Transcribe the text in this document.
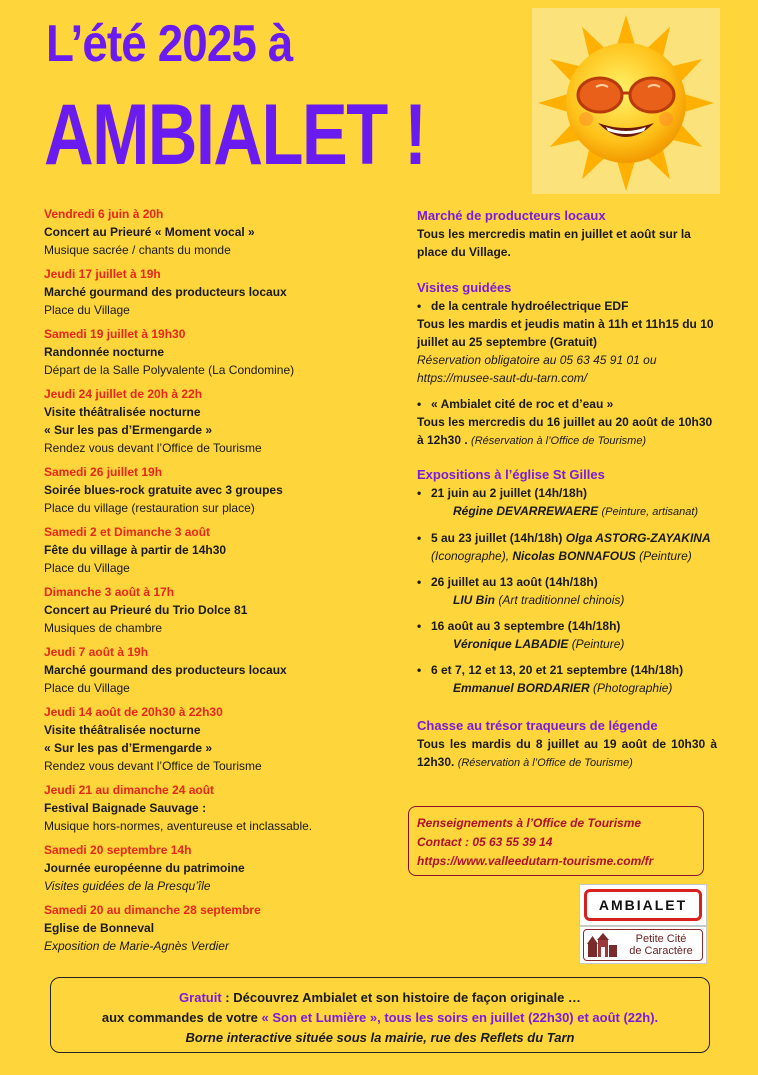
L’été 2025 à
AMBIALET !
Vendredi 6 juin à 20h
Concert au Prieuré « Moment vocal »
Musique sacrée / chants du monde
Jeudi 17 juillet à 19h
Marché gourmand des producteurs locaux
Place du Village
Samedi 19 juillet à 19h30
Randonnée nocturne
Départ de la Salle Polyvalente (La Condomine)
Jeudi 24 juillet de 20h à 22h
Visite théâtralisée nocturne
« Sur les pas d’Ermengarde »
Rendez vous devant l’Office de Tourisme
Samedi 26 juillet 19h
Soirée blues-rock gratuite avec 3 groupes
Place du village (restauration sur place)
Samedi 2 et Dimanche 3 août
Fête du village à partir de 14h30
Place du Village
Dimanche 3 août à 17h
Concert au Prieuré du Trio Dolce 81
Musiques de chambre
Jeudi 7 août à 19h
Marché gourmand des producteurs locaux
Place du Village
Jeudi 14 août de 20h30 à 22h30
Visite théâtralisée nocturne
« Sur les pas d’Ermengarde »
Rendez vous devant l’Office de Tourisme
Jeudi 21 au dimanche 24 août
Festival Baignade Sauvage :
Musique hors-normes, aventureuse et inclassable.
Samedi 20 septembre 14h
Journée européenne du patrimoine
Visites guidées de la Presqu’île
Samedi 20 au dimanche 28 septembre
Eglise de Bonneval
Exposition de Marie-Agnès Verdier
Marché de producteurs locaux
Tous les mercredis matin en juillet et août sur la place du Village.
Visites guidées
• de la centrale hydroélectrique EDF
Tous les mardis et jeudis matin à 11h et 11h15 du 10 juillet au 25 septembre (Gratuit)
Réservation obligatoire au 05 63 45 91 01 ou
https://musee-saut-du-tarn.com/
• « Ambialet cité de roc et d’eau »
Tous les mercredis du 16 juillet au 20 août de 10h30 à 12h30 . (Réservation à l’Office de Tourisme)
Expositions à l’église St Gilles
• 21 juin au 2 juillet (14h/18h)
Régine DEVARREWAERE (Peinture, artisanat)
• 5 au 23 juillet (14h/18h) Olga ASTORG-ZAYAKINA
(Iconographe), Nicolas BONNAFOUS (Peinture)
• 26 juillet au 13 août (14h/18h)
LIU Bin (Art traditionnel chinois)
• 16 août au 3 septembre (14h/18h)
Véronique LABADIE (Peinture)
• 6 et 7, 12 et 13, 20 et 21 septembre (14h/18h)
Emmanuel BORDARIER (Photographie)
Chasse au trésor traqueurs de légende
Tous les mardis du 8 juillet au 19 août de 10h30 à 12h30. (Réservation à l’Office de Tourisme)
Renseignements à l’Office de Tourisme
Contact : 05 63 55 39 14
https://www.valleedutarn-tourisme.com/fr
AMBIALET
Petite Cité
de Caractère
Gratuit : Découvrez Ambialet et son histoire de façon originale …
aux commandes de votre « Son et Lumière », tous les soirs en juillet (22h30) et août (22h).
Borne interactive située sous la mairie, rue des Reflets du Tarn
